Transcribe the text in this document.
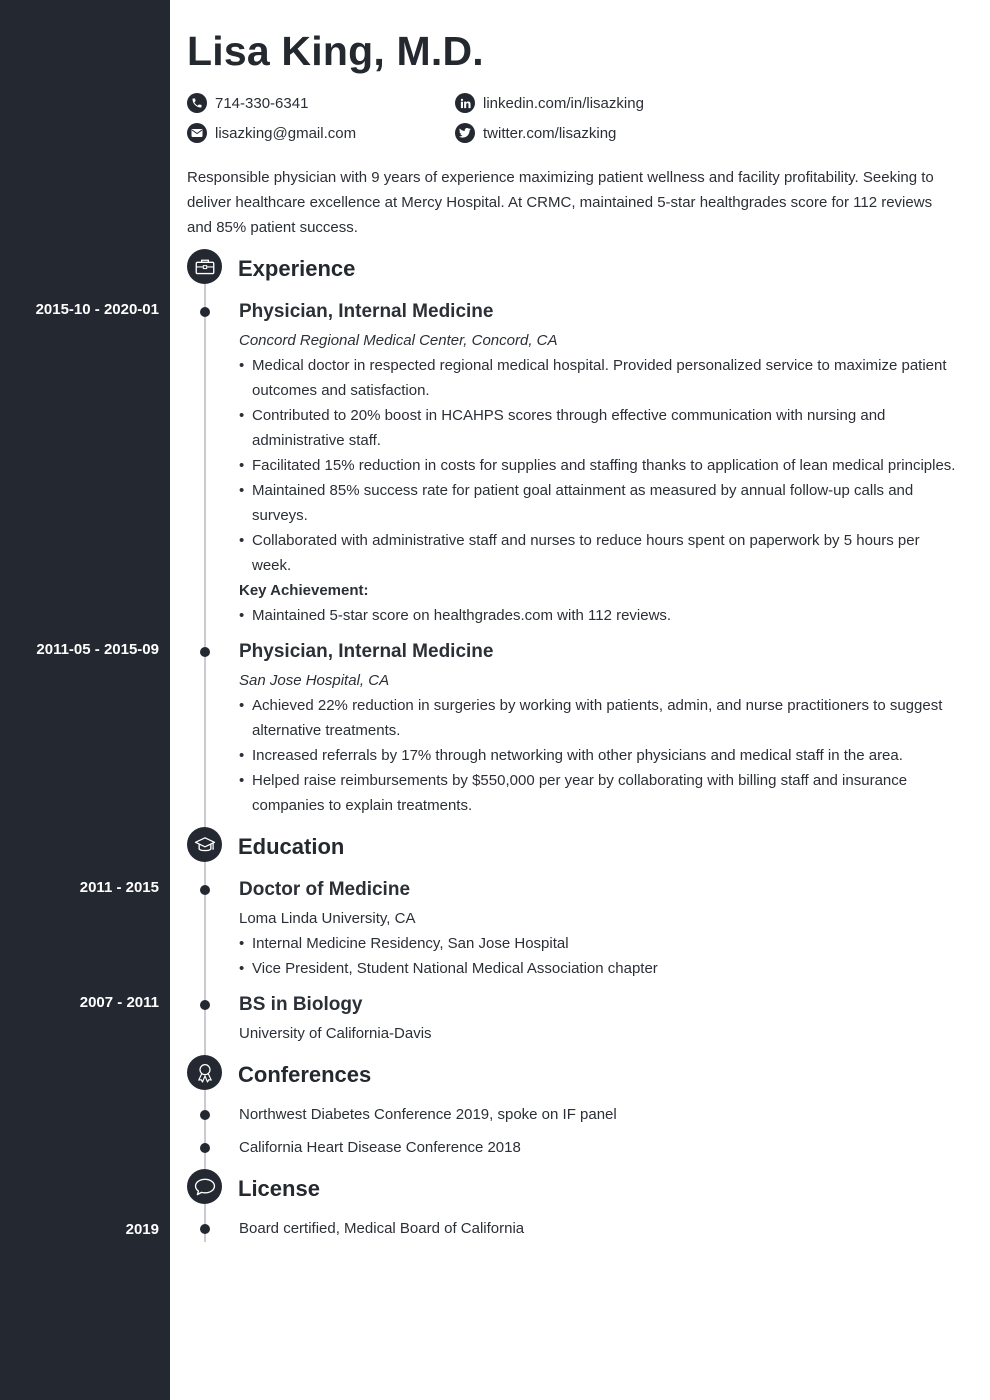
Lisa King, M.D.
714-330-6341
lisazking@gmail.com
linkedin.com/in/lisazking
twitter.com/lisazking

Responsible physician with 9 years of experience maximizing patient wellness and facility profitability. Seeking to deliver healthcare excellence at Mercy Hospital. At CRMC, maintained 5-star healthgrades score for 112 reviews and 85% patient success.

Experience
2015-10 - 2020-01	Physician, Internal Medicine
Concord Regional Medical Center, Concord, CA
• Medical doctor in respected regional medical hospital. Provided personalized service to maximize patient outcomes and satisfaction.
• Contributed to 20% boost in HCAHPS scores through effective communication with nursing and administrative staff.
• Facilitated 15% reduction in costs for supplies and staffing thanks to application of lean medical principles.
• Maintained 85% success rate for patient goal attainment as measured by annual follow-up calls and surveys.
• Collaborated with administrative staff and nurses to reduce hours spent on paperwork by 5 hours per week.
Key Achievement:
• Maintained 5-star score on healthgrades.com with 112 reviews.
2011-05 - 2015-09	Physician, Internal Medicine
San Jose Hospital, CA
• Achieved 22% reduction in surgeries by working with patients, admin, and nurse practitioners to suggest alternative treatments.
• Increased referrals by 17% through networking with other physicians and medical staff in the area.
• Helped raise reimbursements by $550,000 per year by collaborating with billing staff and insurance companies to explain treatments.
Education
2011 - 2015	Doctor of Medicine
Loma Linda University, CA
• Internal Medicine Residency, San Jose Hospital
• Vice President, Student National Medical Association chapter
2007 - 2011	BS in Biology
University of California-Davis
Conferences
Northwest Diabetes Conference 2019, spoke on IF panel
California Heart Disease Conference 2018
License
2019	Board certified, Medical Board of California
